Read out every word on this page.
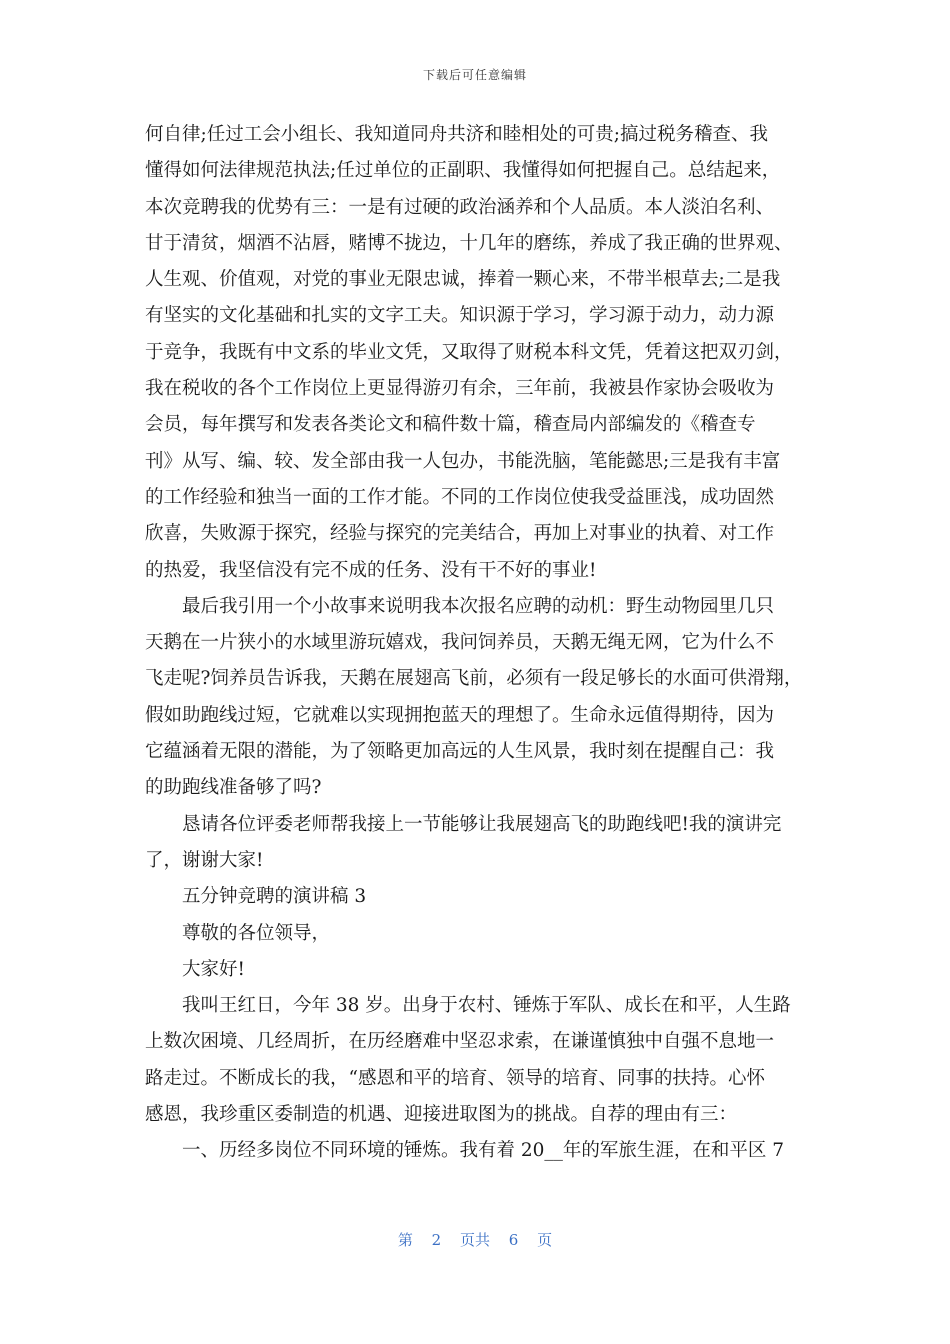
下载后可任意编辑
何自律;任过工会小组长、我知道同舟共济和睦相处的可贵;搞过税务稽查、我
懂得如何法律规范执法;任过单位的正副职、我懂得如何把握自己。总结起来，
本次竞聘我的优势有三：一是有过硬的政治涵养和个人品质。本人淡泊名利、
甘于清贫，烟酒不沾唇，赌博不拢边，十几年的磨练，养成了我正确的世界观、
人生观、价值观，对党的事业无限忠诚，捧着一颗心来，不带半根草去;二是我
有坚实的文化基础和扎实的文字工夫。知识源于学习，学习源于动力，动力源
于竞争，我既有中文系的毕业文凭，又取得了财税本科文凭，凭着这把双刃剑，
我在税收的各个工作岗位上更显得游刃有余，三年前，我被县作家协会吸收为
会员，每年撰写和发表各类论文和稿件数十篇，稽查局内部编发的《稽查专
刊》从写、编、较、发全部由我一人包办，书能洗脑，笔能懿思;三是我有丰富
的工作经验和独当一面的工作才能。不同的工作岗位使我受益匪浅，成功固然
欣喜，失败源于探究，经验与探究的完美结合，再加上对事业的执着、对工作
的热爱，我坚信没有完不成的任务、没有干不好的事业!
最后我引用一个小故事来说明我本次报名应聘的动机：野生动物园里几只
天鹅在一片狭小的水域里游玩嬉戏，我问饲养员，天鹅无绳无网，它为什么不
飞走呢?饲养员告诉我，天鹅在展翅高飞前，必须有一段足够长的水面可供滑翔，
假如助跑线过短，它就难以实现拥抱蓝天的理想了。生命永远值得期待，因为
它蕴涵着无限的潜能，为了领略更加高远的人生风景，我时刻在提醒自己：我
的助跑线准备够了吗?
恳请各位评委老师帮我接上一节能够让我展翅高飞的助跑线吧!我的演讲完
了，谢谢大家!
五分钟竞聘的演讲稿 3
尊敬的各位领导，
大家好!
我叫王红日，今年 38 岁。出身于农村、锤炼于军队、成长在和平，人生路
上数次困境、几经周折，在历经磨难中坚忍求索，在谦谨慎独中自强不息地一
路走过。不断成长的我，“感恩和平的培育、领导的培育、同事的扶持。心怀
感恩，我珍重区委制造的机遇、迎接进取图为的挑战。自荐的理由有三：
一、历经多岗位不同环境的锤炼。我有着 20__年的军旅生涯，在和平区 7
第 2 页共 6 页
